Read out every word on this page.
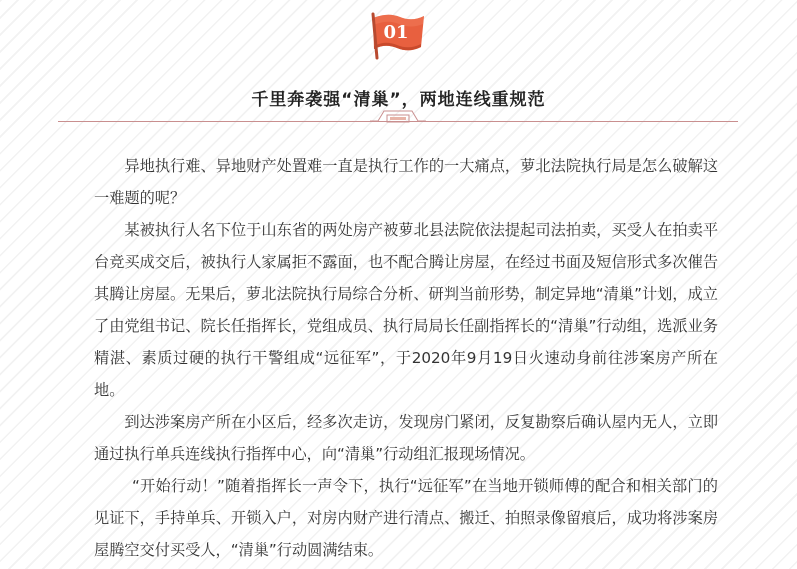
01
千里奔袭强“清巢”，两地连线重规范

异地执行难、异地财产处置难一直是执行工作的一大痛点，萝北法院执行局是怎么破解这一难题的呢？

某被执行人名下位于山东省的两处房产被萝北县法院依法提起司法拍卖，买受人在拍卖平台竞买成交后，被执行人家属拒不露面，也不配合腾让房屋，在经过书面及短信形式多次催告其腾让房屋。无果后，萝北法院执行局综合分析、研判当前形势，制定异地“清巢”计划，成立了由党组书记、院长任指挥长，党组成员、执行局局长任副指挥长的“清巢”行动组，选派业务精湛、素质过硬的执行干警组成“远征军”，于2020年9月19日火速动身前往涉案房产所在地。

到达涉案房产所在小区后，经多次走访，发现房门紧闭，反复勘察后确认屋内无人，立即通过执行单兵连线执行指挥中心，向“清巢”行动组汇报现场情况。

“开始行动！”随着指挥长一声令下，执行“远征军”在当地开锁师傅的配合和相关部门的见证下，手持单兵、开锁入户，对房内财产进行清点、搬迁、拍照录像留痕后，成功将涉案房屋腾空交付买受人，“清巢”行动圆满结束。
